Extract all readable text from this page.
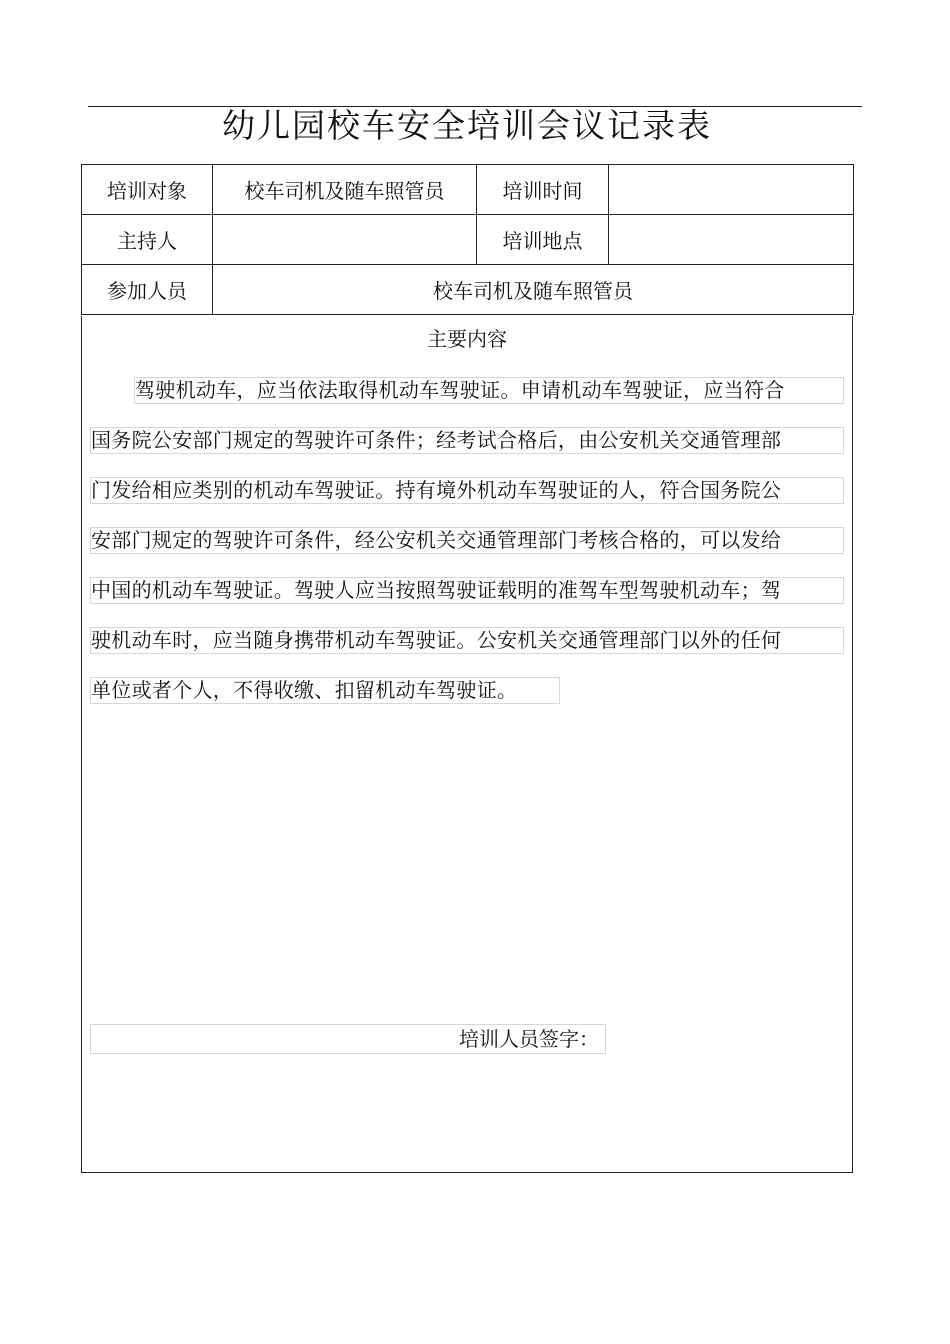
幼儿园校车安全培训会议记录表
培训对象	校车司机及随车照管员	培训时间	
主持人		培训地点	
参加人员	校车司机及随车照管员		
主要内容
驾驶机动车，应当依法取得机动车驾驶证。申请机动车驾驶证，应当符合
国务院公安部门规定的驾驶许可条件；经考试合格后，由公安机关交通管理部
门发给相应类别的机动车驾驶证。持有境外机动车驾驶证的人，符合国务院公
安部门规定的驾驶许可条件，经公安机关交通管理部门考核合格的，可以发给
中国的机动车驾驶证。驾驶人应当按照驾驶证载明的准驾车型驾驶机动车；驾
驶机动车时，应当随身携带机动车驾驶证。公安机关交通管理部门以外的任何
单位或者个人，不得收缴、扣留机动车驾驶证。
培训人员签字：
